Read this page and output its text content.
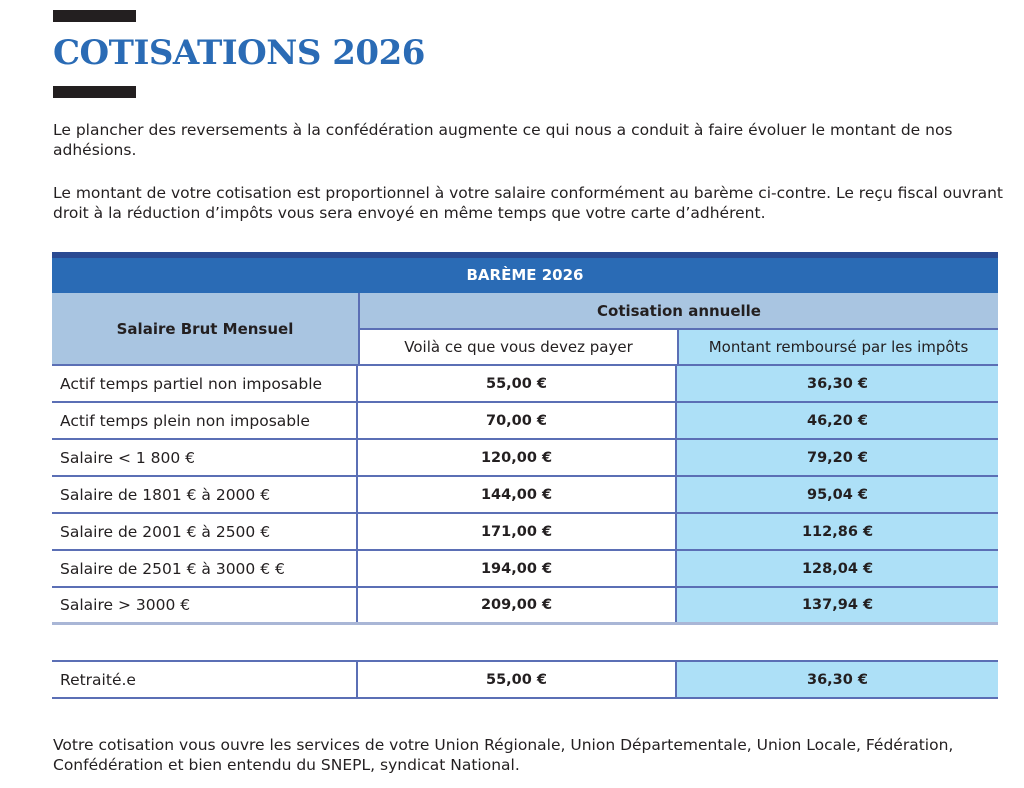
COTISATIONS 2026

Le plancher des reversements à la confédération augmente ce qui nous a conduit à faire évoluer le montant de nos adhésions.

Le montant de votre cotisation est proportionnel à votre salaire conformément au barème ci-contre. Le reçu fiscal ouvrant droit à la réduction d’impôts vous sera envoyé en même temps que votre carte d’adhérent.

BARÈME 2026
Salaire Brut Mensuel
Cotisation annuelle
Voilà ce que vous devez payer	Montant remboursé par les impôts
Actif temps partiel non imposable	55,00 €	36,30 €
Actif temps plein non imposable	70,00 €	46,20 €
Salaire < 1 800 €	120,00 €	79,20 €
Salaire de 1801 € à 2000 €	144,00 €	95,04 €
Salaire de 2001 € à 2500 €	171,00 €	112,86 €
Salaire de 2501 € à 3000 € €	194,00 €	128,04 €
Salaire > 3000 €	209,00 €	137,94 €
Retraité.e	55,00 €	36,30 €

Votre cotisation vous ouvre les services de votre Union Régionale, Union Départementale, Union Locale, Fédération, Confédération et bien entendu du SNEPL, syndicat National.
